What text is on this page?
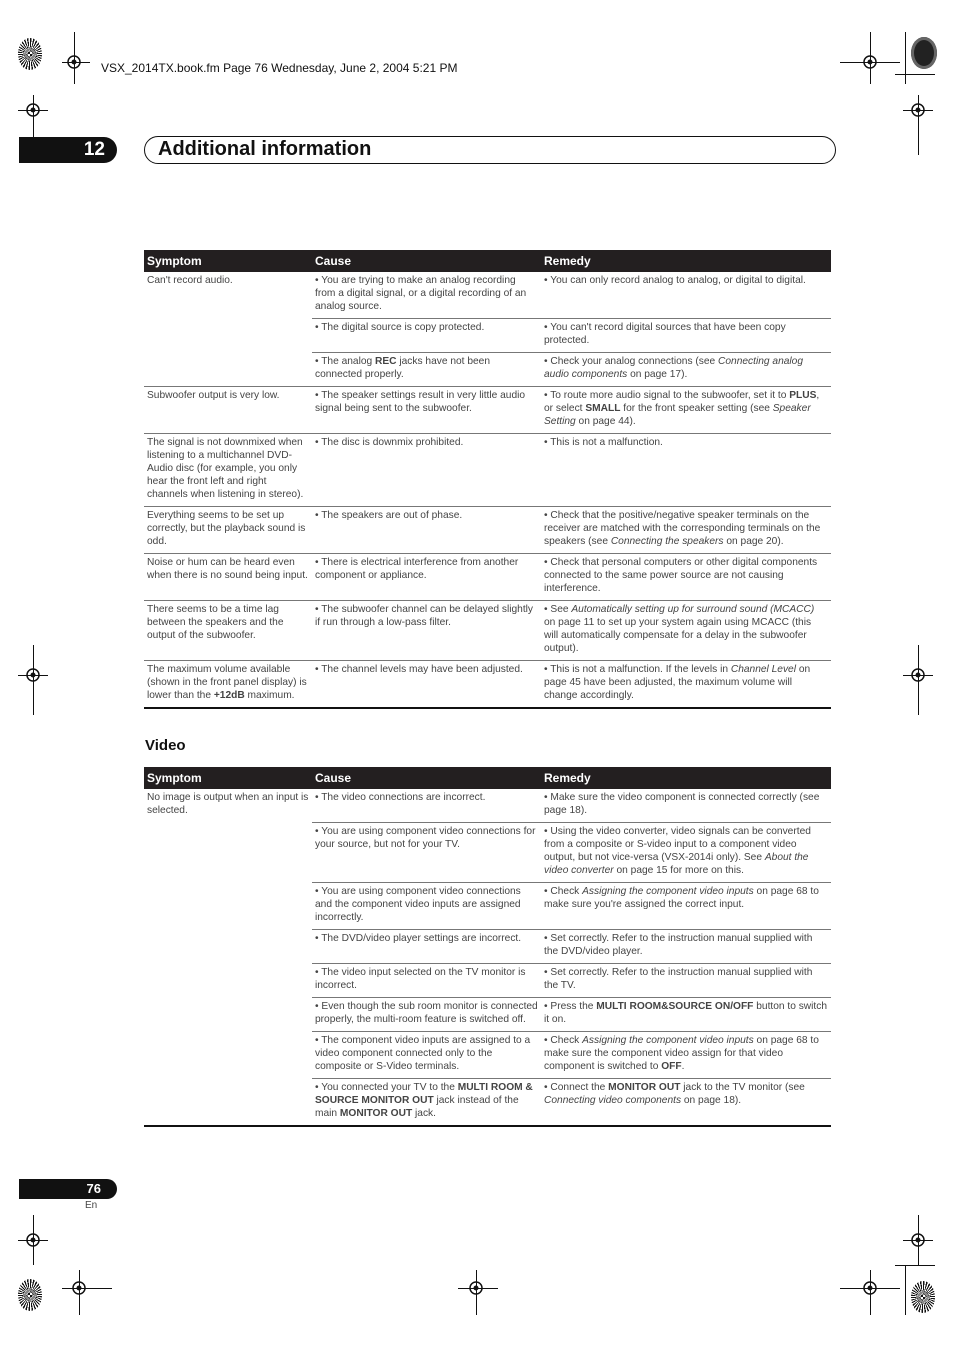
VSX_2014TX.book.fm Page 76 Wednesday, June 2, 2004 5:21 PM
12	Additional information
Symptom	Cause	Remedy
Can't record audio.	• You are trying to make an analog recording from a digital signal, or a digital recording of an analog source.	• You can only record analog to analog, or digital to digital.
	• The digital source is copy protected.	• You can't record digital sources that have been copy protected.
	• The analog REC jacks have not been connected properly.	• Check your analog connections (see Connecting analog audio components on page 17).
Subwoofer output is very low.	• The speaker settings result in very little audio signal being sent to the subwoofer.	• To route more audio signal to the subwoofer, set it to PLUS, or select SMALL for the front speaker setting (see Speaker Setting on page 44).
The signal is not downmixed when listening to a multichannel DVD-Audio disc (for example, you only hear the front left and right channels when listening in stereo).	• The disc is downmix prohibited.	• This is not a malfunction.
Everything seems to be set up correctly, but the playback sound is odd.	• The speakers are out of phase.	• Check that the positive/negative speaker terminals on the receiver are matched with the corresponding terminals on the speakers (see Connecting the speakers on page 20).
Noise or hum can be heard even when there is no sound being input.	• There is electrical interference from another component or appliance.	• Check that personal computers or other digital components connected to the same power source are not causing interference.
There seems to be a time lag between the speakers and the output of the subwoofer.	• The subwoofer channel can be delayed slightly if run through a low-pass filter.	• See Automatically setting up for surround sound (MCACC) on page 11 to set up your system again using MCACC (this will automatically compensate for a delay in the subwoofer output).
The maximum volume available (shown in the front panel display) is lower than the +12dB maximum.	• The channel levels may have been adjusted.	• This is not a malfunction. If the levels in Channel Level on page 45 have been adjusted, the maximum volume will change accordingly.
Video
Symptom	Cause	Remedy
No image is output when an input is selected.	• The video connections are incorrect.	• Make sure the video component is connected correctly (see page 18).
	• You are using component video connections for your source, but not for your TV.	• Using the video converter, video signals can be converted from a composite or S-video input to a component video output, but not vice-versa (VSX-2014i only). See About the video converter on page 15 for more on this.
	• You are using component video connections and the component video inputs are assigned incorrectly.	• Check Assigning the component video inputs on page 68 to make sure you're assigned the correct input.
	• The DVD/video player settings are incorrect.	• Set correctly. Refer to the instruction manual supplied with the DVD/video player.
	• The video input selected on the TV monitor is incorrect.	• Set correctly. Refer to the instruction manual supplied with the TV.
	• Even though the sub room monitor is connected properly, the multi-room feature is switched off.	• Press the MULTI ROOM&SOURCE ON/OFF button to switch it on.
	• The component video inputs are assigned to a video component connected only to the composite or S-Video terminals.	• Check Assigning the component video inputs on page 68 to make sure the component video assign for that video component is switched to OFF.
	• You connected your TV to the MULTI ROOM & SOURCE MONITOR OUT jack instead of the main MONITOR OUT jack.	• Connect the MONITOR OUT jack to the TV monitor (see Connecting video components on page 18).
76
En
